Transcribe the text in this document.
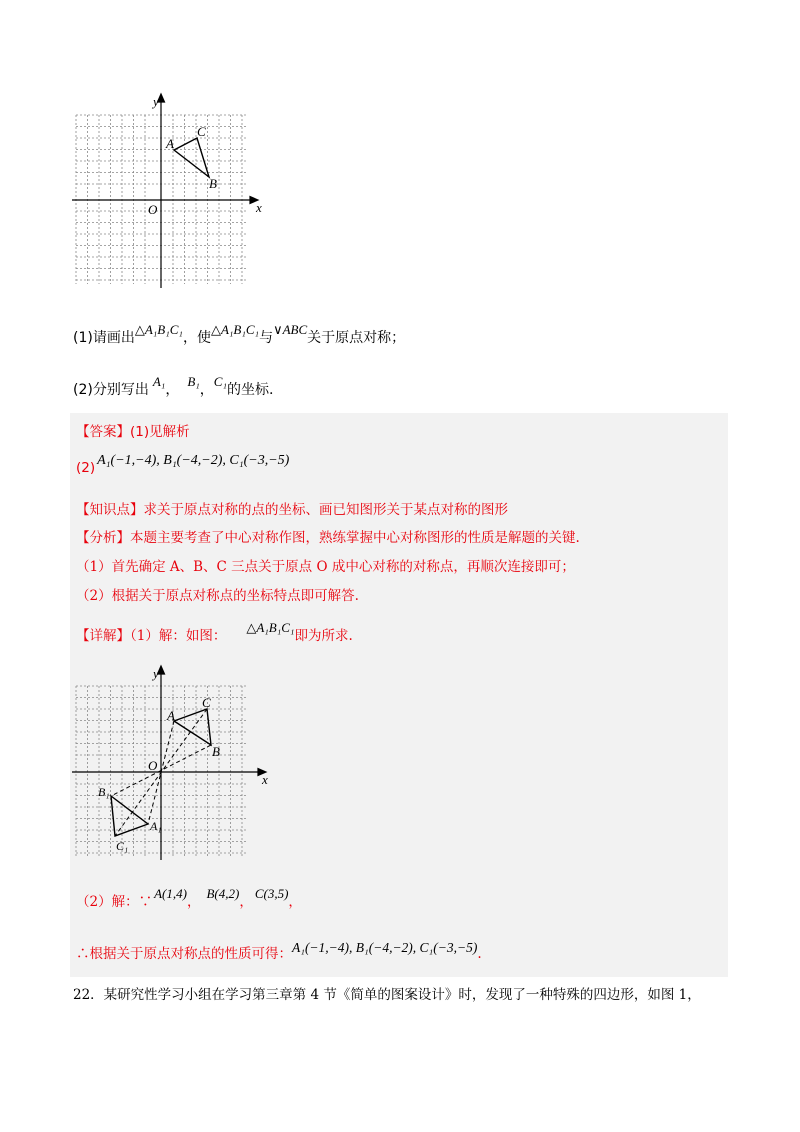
y
x
O
A
B
C
(1)请画出△A₁B₁C₁，使△A₁B₁C₁与∨ABC关于原点对称；
(2)分别写出A₁，B₁，C₁的坐标.
【答案】(1)见解析
(2) A₁(−1,−4), B₁(−4,−2), C₁(−3,−5)
【知识点】求关于原点对称的点的坐标、画已知图形关于某点对称的图形
【分析】本题主要考查了中心对称作图，熟练掌握中心对称图形的性质是解题的关键.
（1）首先确定 A、B、C 三点关于原点 O 成中心对称的对称点，再顺次连接即可；
（2）根据关于原点对称点的坐标特点即可解答.
【详解】（1）解：如图：△A₁B₁C₁即为所求.
y
x
O
A
B
C
A₁
B₁
C₁
（2）解：∵A(1,4)，B(4,2)，C(3,5)，
∴根据关于原点对称点的性质可得：A₁(−1,−4), B₁(−4,−2), C₁(−3,−5).
22．某研究性学习小组在学习第三章第 4 节《简单的图案设计》时，发现了一种特殊的四边形，如图 1，
